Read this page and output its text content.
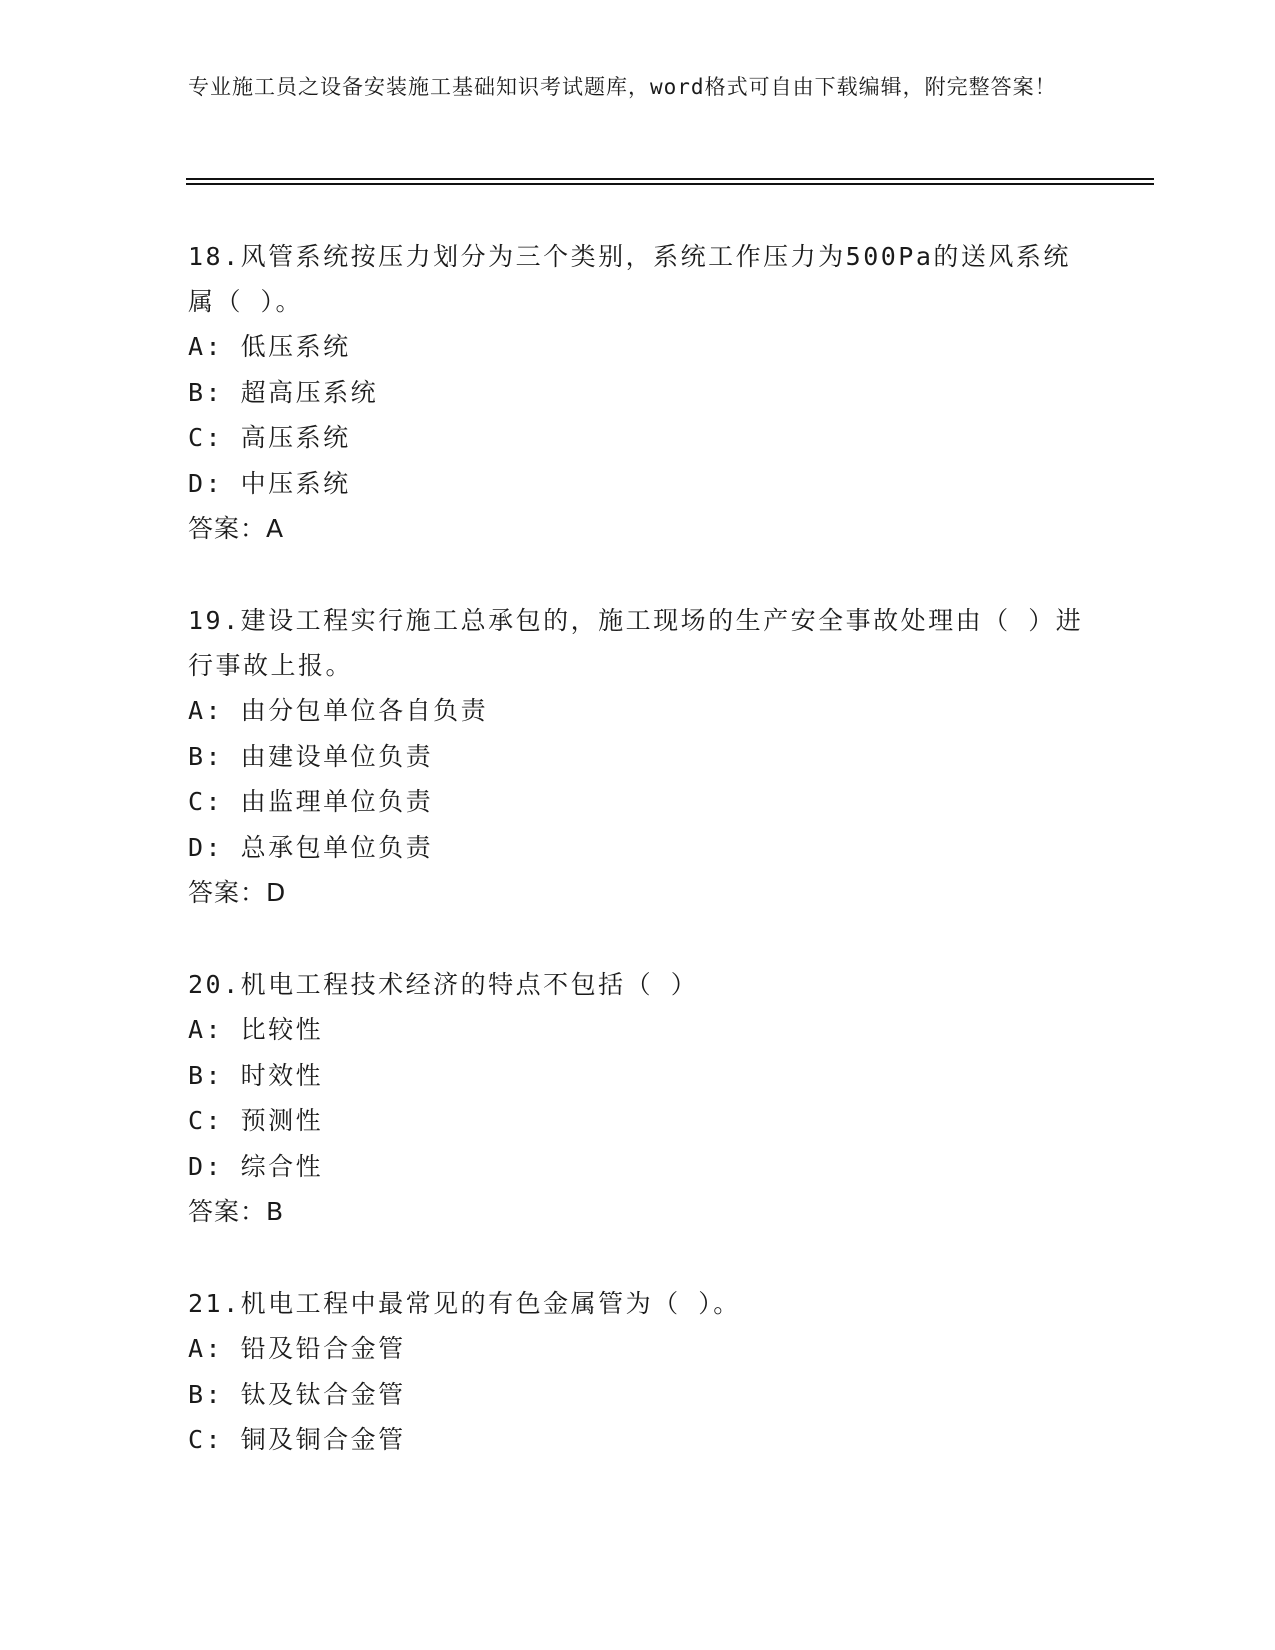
专业施工员之设备安装施工基础知识考试题库，word格式可自由下载编辑，附完整答案！

18.风管系统按压力划分为三个类别，系统工作压力为500Pa的送风系统属（ ）。

A: 低压系统

B: 超高压系统

C: 高压系统

D: 中压系统

答案：A

19.建设工程实行施工总承包的，施工现场的生产安全事故处理由（ ）进行事故上报。

A: 由分包单位各自负责

B: 由建设单位负责

C: 由监理单位负责

D: 总承包单位负责

答案：D

20.机电工程技术经济的特点不包括（ ）

A: 比较性

B: 时效性

C: 预测性

D: 综合性

答案：B

21.机电工程中最常见的有色金属管为（ ）。

A: 铅及铅合金管

B: 钛及钛合金管

C: 铜及铜合金管
